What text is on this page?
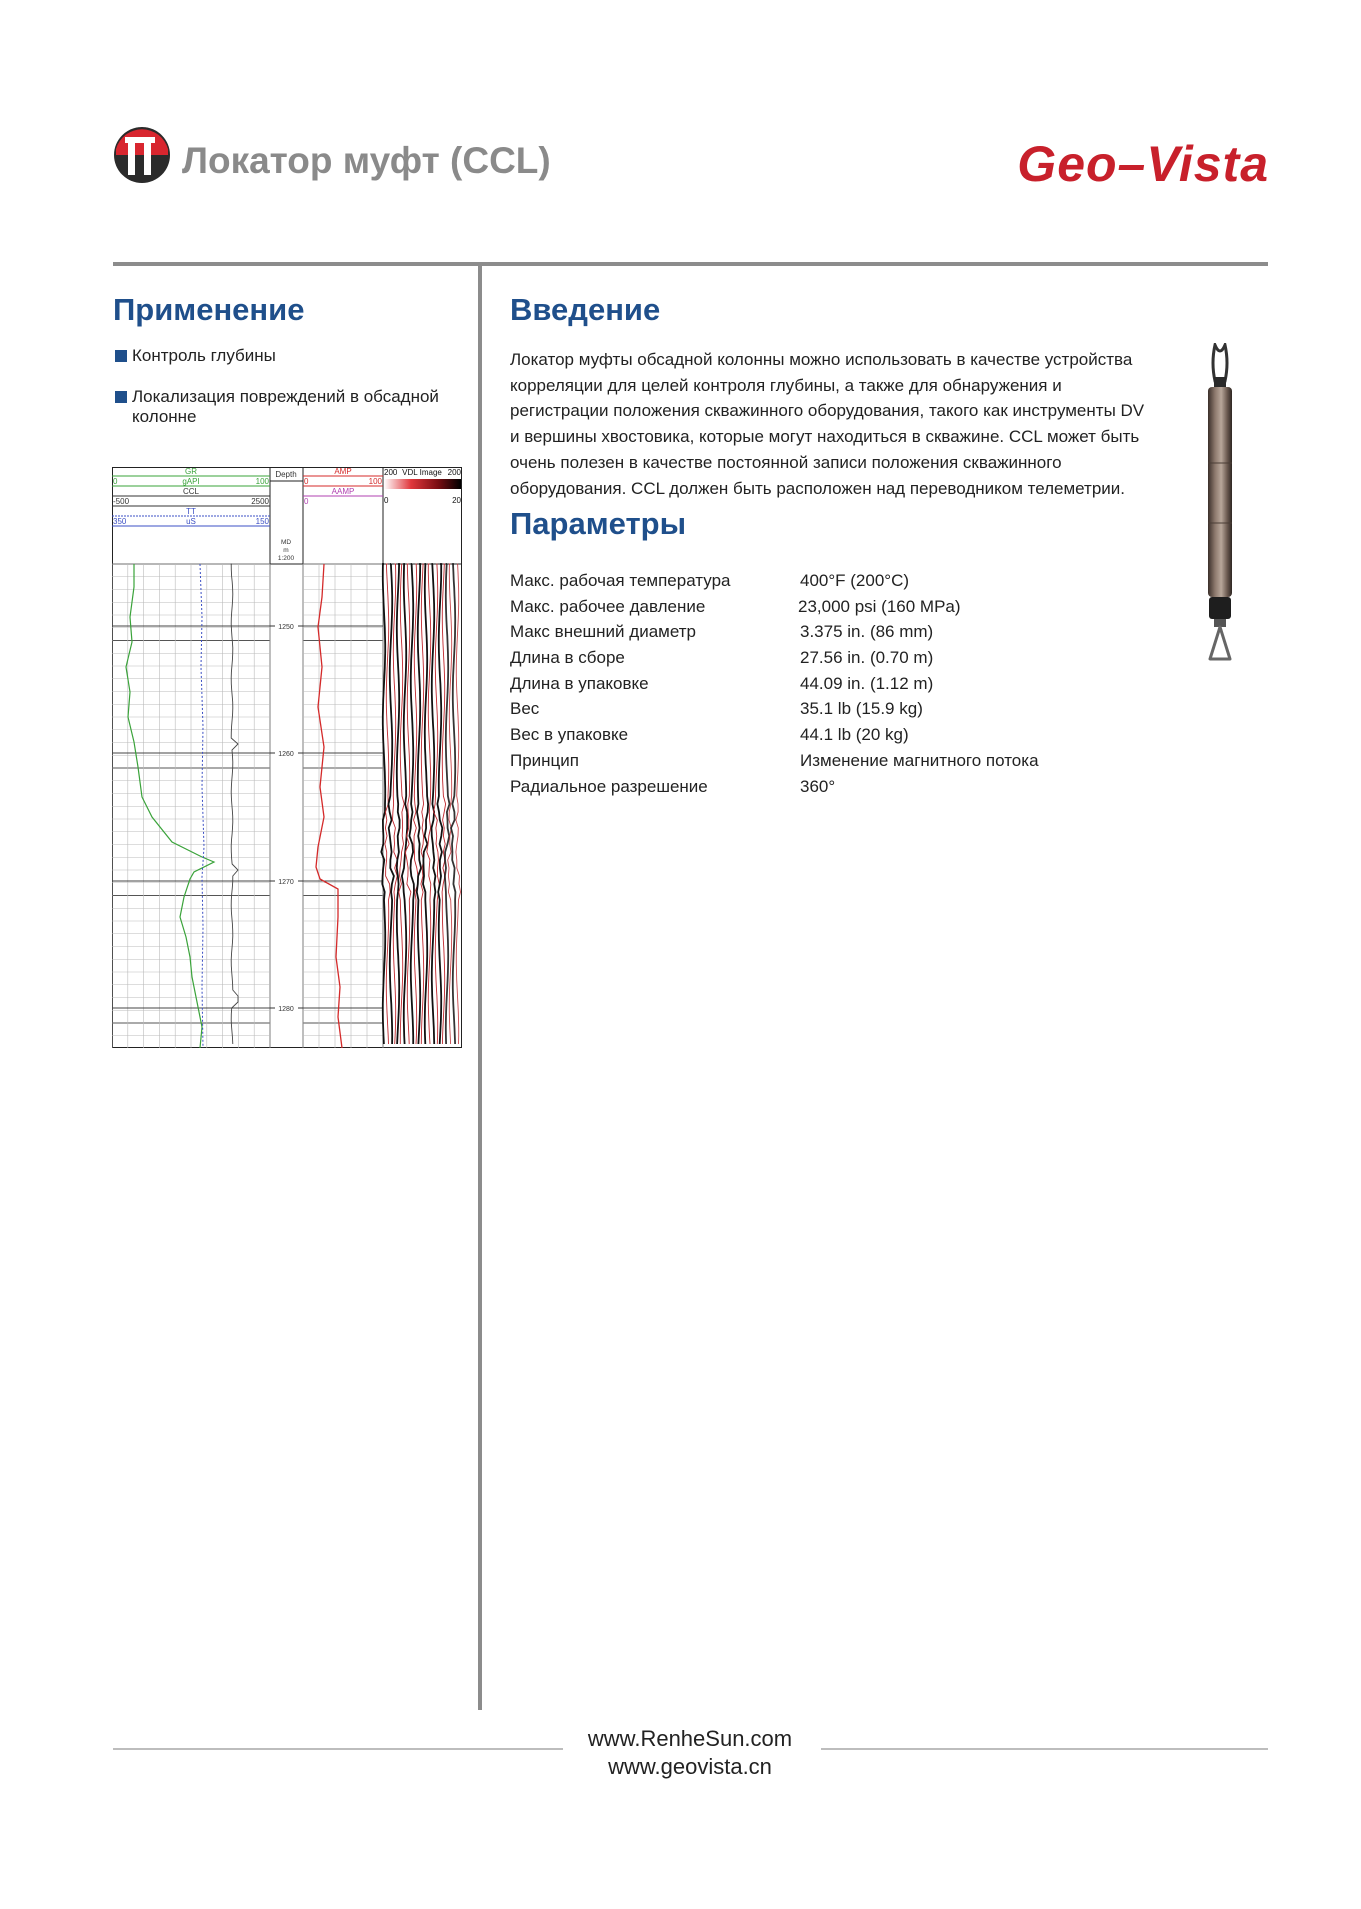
Локатор муфт (CCL)	Geo–Vista
Применение
Контроль глубины
Локализация повреждений в обсадной колонне
GR
0	gAPI	100
CCL
-500	2500
TT
350	uS	150
Depth
MD
m
1:200
AMP
0	100
AAMP
0
200 VDL Image 200
0	20
1250
1260
1270
1280
Введение
Локатор муфты обсадной колонны можно использовать в качестве устройства корреляции для целей контроля глубины, а также для обнаружения и регистрации положения скважинного оборудования, такого как инструменты DV и вершины хвостовика, которые могут находиться в скважине. CCL может быть очень полезен в качестве постоянной записи положения скважинного оборудования. CCL должен быть расположен над переводником телеметрии.
Параметры
Макс. рабочая температура	400°F (200°C)
Макс. рабочее давление	23,000 psi (160 MPa)
Макс внешний диаметр	3.375 in. (86 mm)
Длина в сборе	27.56 in. (0.70 m)
Длина в упаковке	44.09 in. (1.12 m)
Вес	35.1 lb (15.9 kg)
Вес в упаковке	44.1 lb (20 kg)
Принцип	Изменение магнитного потока
Радиальное разрешение	360°
www.RenheSun.com
www.geovista.cn
